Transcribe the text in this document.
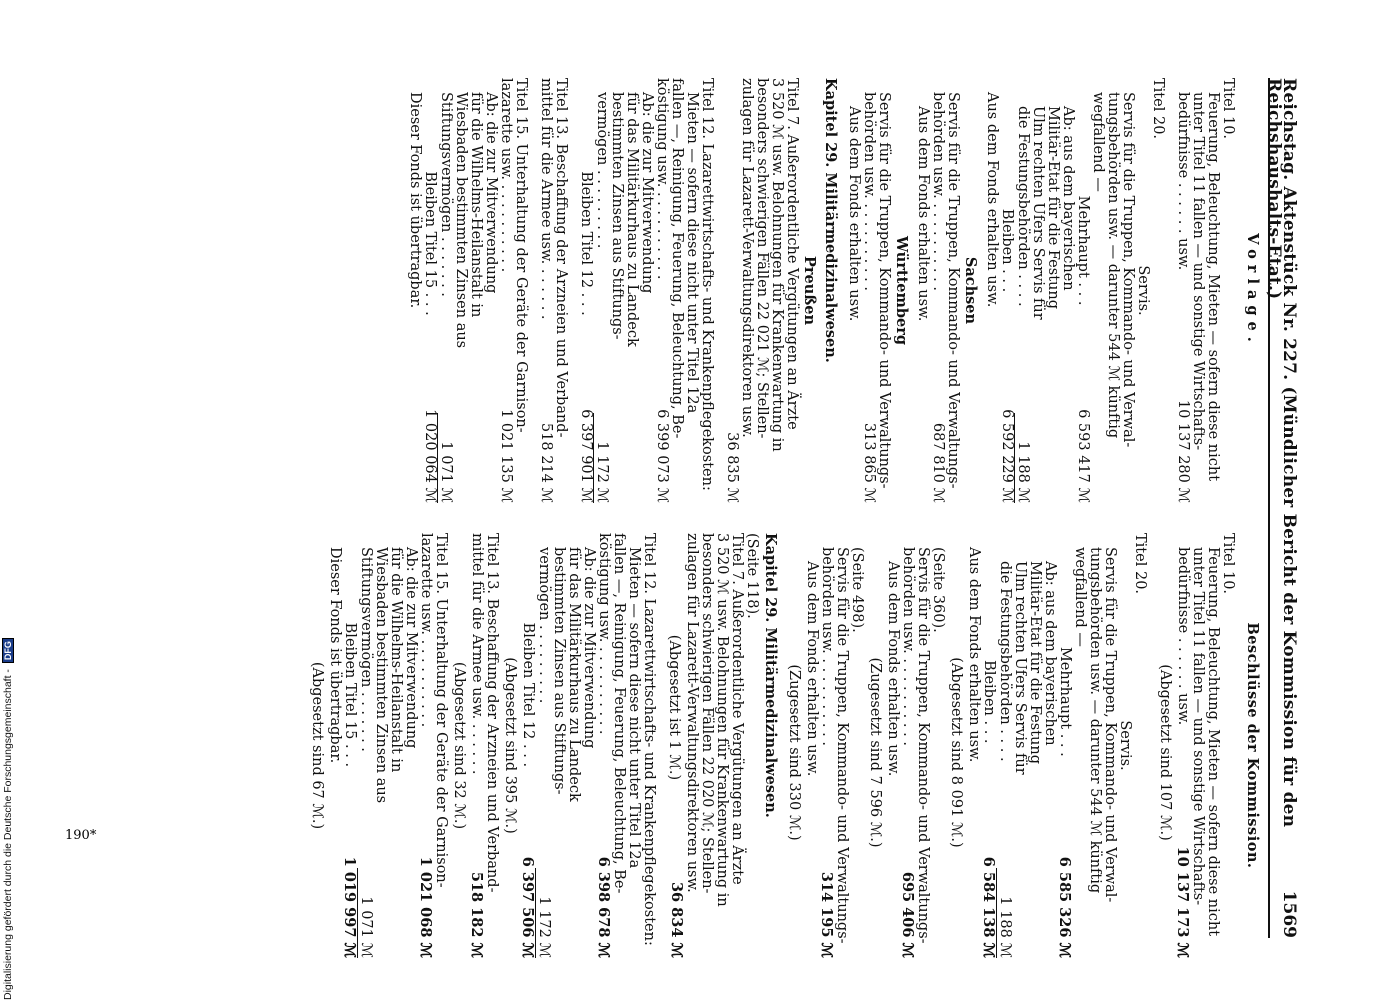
Reichstag. Aktenstück Nr. 227. (Mündlicher Bericht der Kommission für den Reichshaushalts-Etat.)
1569
Vorlage.
Titel 10.
Feuerung, Beleuchtung, Mieten — sofern diese nicht
unter Titel 11 fallen — und sonstige Wirtschafts-
bedürfnisse . . . . . . usw.
10 137 280 ℳ
Titel 20.
Servis.
Servis für die Truppen, Kommando- und Verwal-
tungsbehörden usw. — darunter 544 ℳ künftig
wegfallend —
Mehrhaupt . . .
6 593 417 ℳ
Ab: aus dem bayerischen
Militär-Etat für die Festung
Ulm rechten Ufers Servis für
die Festungsbehörden . . . .
1 188 ℳ
Bleiben . . .
6 592 229 ℳ
Aus dem Fonds erhalten usw.
Sachsen
Servis für die Truppen, Kommando- und Verwaltungs-
behörden usw. . . . . . . . . . .
687 810 ℳ
Aus dem Fonds erhalten usw.
Württemberg
Servis für die Truppen, Kommando- und Verwaltungs-
behörden usw. . . . . . . . . . .
313 865 ℳ
Aus dem Fonds erhalten usw.
Kapitel 29. Militärmedizinalwesen.
Preußen
Titel 7. Außerordentliche Vergütungen an Ärzte
3 520 ℳ usw. Belohnungen für Krankenwartung in
besonders schwierigen Fällen 22 021 ℳ; Stellen-
zulagen für Lazarett-Verwaltungsdirektoren usw.
36 835 ℳ
Titel 12. Lazarettwirtschafts- und Krankenpflegekosten:
Mieten — sofern diese nicht unter Titel 12a
fallen —, Reinigung, Feuerung, Beleuchtung, Be-
köstigung usw. . . . . . . . . . .
6 399 073 ℳ
Ab: die zur Mitverwendung
für das Militärkurhaus zu Landeck
bestimmten Zinsen aus Stiftungs-
vermögen . . . . . . . . .
1 172 ℳ
Bleiben Titel 12 . . .
6 397 901 ℳ
Titel 13. Beschaffung der Arzneien und Verband-
mittel für die Armee usw. . . . . . .
518 214 ℳ
Titel 15. Unterhaltung der Geräte der Garnison-
lazarette usw. . . . . . . . . . .
1 021 135 ℳ
Ab: die zur Mitverwendung
für die Wilhelms-Heilanstalt in
Wiesbaden bestimmten Zinsen aus
Stiftungsvermögen . . . . . . .
1 071 ℳ
Bleiben Titel 15 . . .
1 020 064 ℳ
Dieser Fonds ist übertragbar.
Beschlüsse der Kommission.
Titel 10.
Feuerung, Beleuchtung, Mieten — sofern diese nicht
unter Titel 11 fallen — und sonstige Wirtschafts-
bedürfnisse . . . . . . usw.
10 137 173 ℳ
(Abgesetzt sind 107 ℳ.)
Titel 20.
Servis.
Servis für die Truppen, Kommando- und Verwal-
tungsbehörden usw. — darunter 544 ℳ künftig
wegfallend —
Mehrhaupt . . .
6 585 326 ℳ
Ab: aus dem bayerischen
Militär-Etat für die Festung
Ulm rechten Ufers Servis für
die Festungsbehörden . . . .
1 188 ℳ
Bleiben . . .
6 584 138 ℳ
Aus dem Fonds erhalten usw.
(Abgesetzt sind 8 091 ℳ.)
(Seite 360).
Servis für die Truppen, Kommando- und Verwaltungs-
behörden usw. . . . . . . . . . .
695 406 ℳ
Aus dem Fonds erhalten usw.
(Zugesetzt sind 7 596 ℳ.)
(Seite 498).
Servis für die Truppen, Kommando- und Verwaltungs-
behörden usw. . . . . . . . . . .
314 195 ℳ
Aus dem Fonds erhalten usw.
(Zugesetzt sind 330 ℳ.)
Kapitel 29. Militärmedizinalwesen.
(Seite 118).
Titel 7. Außerordentliche Vergütungen an Ärzte
3 520 ℳ usw. Belohnungen für Krankenwartung in
besonders schwierigen Fällen 22 020 ℳ; Stellen-
zulagen für Lazarett-Verwaltungsdirektoren usw.
36 834 ℳ
(Abgesetzt ist 1 ℳ.)
Titel 12. Lazarettwirtschafts- und Krankenpflegekosten:
Mieten — sofern diese nicht unter Titel 12a
fallen —, Reinigung, Feuerung, Beleuchtung, Be-
köstigung usw. . . . . . . . . . .
6 398 678 ℳ
Ab: die zur Mitverwendung
für das Militärkurhaus zu Landeck
bestimmten Zinsen aus Stiftungs-
vermögen . . . . . . . . .
1 172 ℳ
Bleiben Titel 12 . . .
6 397 506 ℳ
(Abgesetzt sind 395 ℳ.)
Titel 13. Beschaffung der Arzneien und Verband-
mittel für die Armee usw. . . . . . .
518 182 ℳ
(Abgesetzt sind 32 ℳ.)
Titel 15. Unterhaltung der Geräte der Garnison-
lazarette usw. . . . . . . . . . .
1 021 068 ℳ
Ab: die zur Mitverwendung
für die Wilhelms-Heilanstalt in
Wiesbaden bestimmten Zinsen aus
Stiftungsvermögen . . . . . . .
1 071 ℳ
Bleiben Titel 15 . . .
1 019 997 ℳ
Dieser Fonds ist übertragbar.
(Abgesetzt sind 67 ℳ.)
190*
Digitalisierung gefördert durch die Deutsche Forschungsgemeinschaft - DFG
